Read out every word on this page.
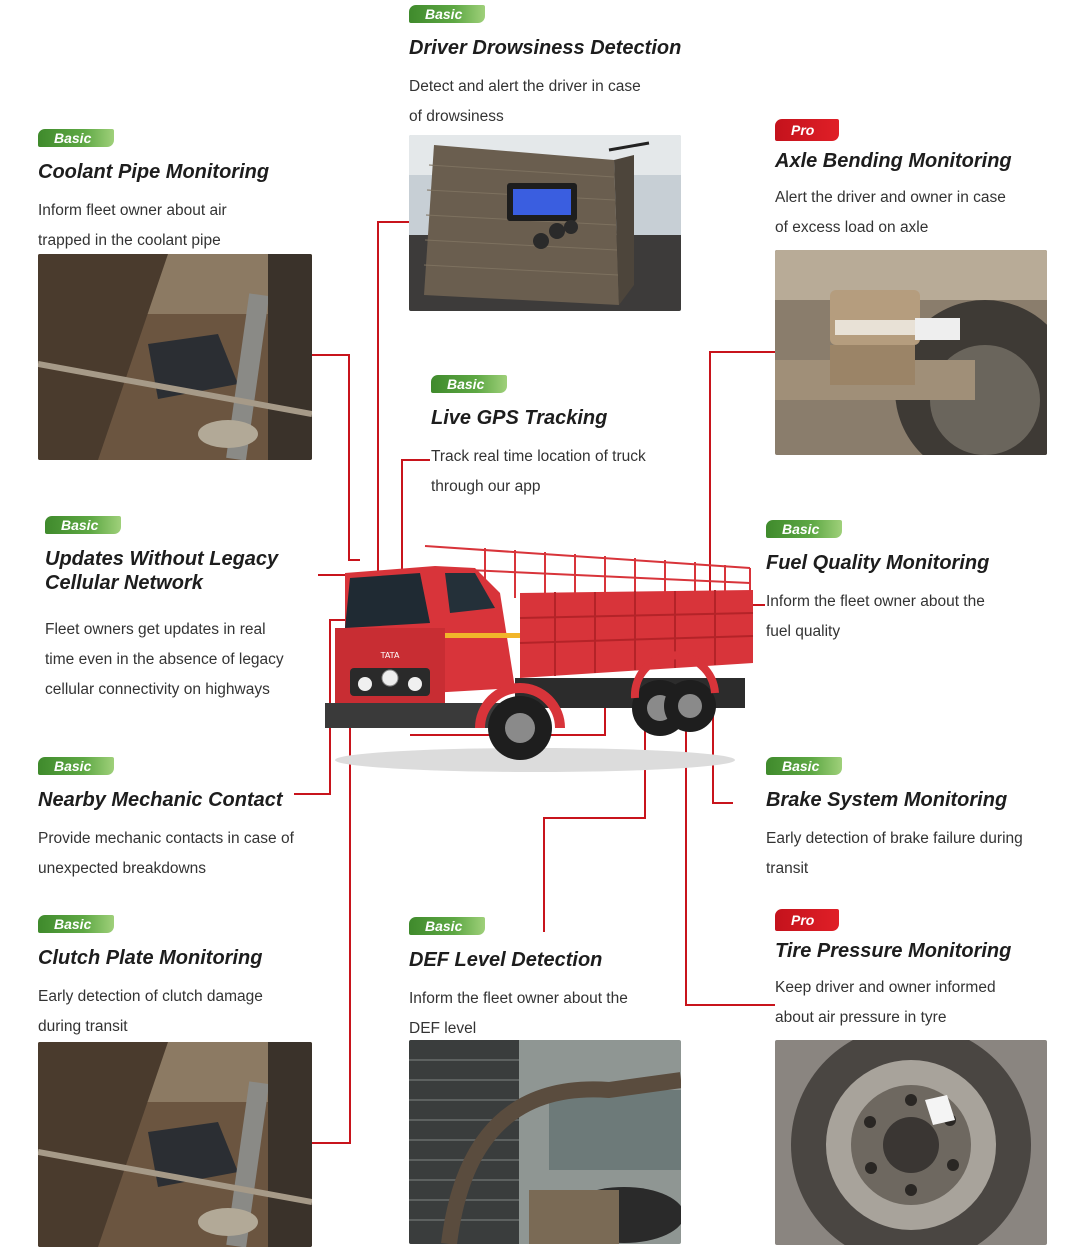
Basic
Driver Drowsiness Detection
Detect and alert the driver in case
of drowsiness
Basic
Coolant Pipe Monitoring
Inform fleet owner about air
trapped in the coolant pipe
Pro
Axle Bending Monitoring
Alert the driver and owner in case
of excess load on axle
Basic
Live GPS Tracking
Track real time location of truck
through our app
Basic
Updates Without Legacy
Cellular Network
Fleet owners get updates in real
time even in the absence of legacy
cellular connectivity on highways
Basic
Fuel Quality Monitoring
Inform the fleet owner about the
fuel quality
TATA
Basic
Nearby Mechanic Contact
Provide mechanic contacts in case of
unexpected breakdowns
Basic
Brake System Monitoring
Early detection of brake failure during
transit
Basic
Clutch Plate Monitoring
Early detection of clutch damage
during transit
Basic
DEF Level Detection
Inform the fleet owner about the
DEF level
Pro
Tire Pressure Monitoring
Keep driver and owner informed
about air pressure in tyre
